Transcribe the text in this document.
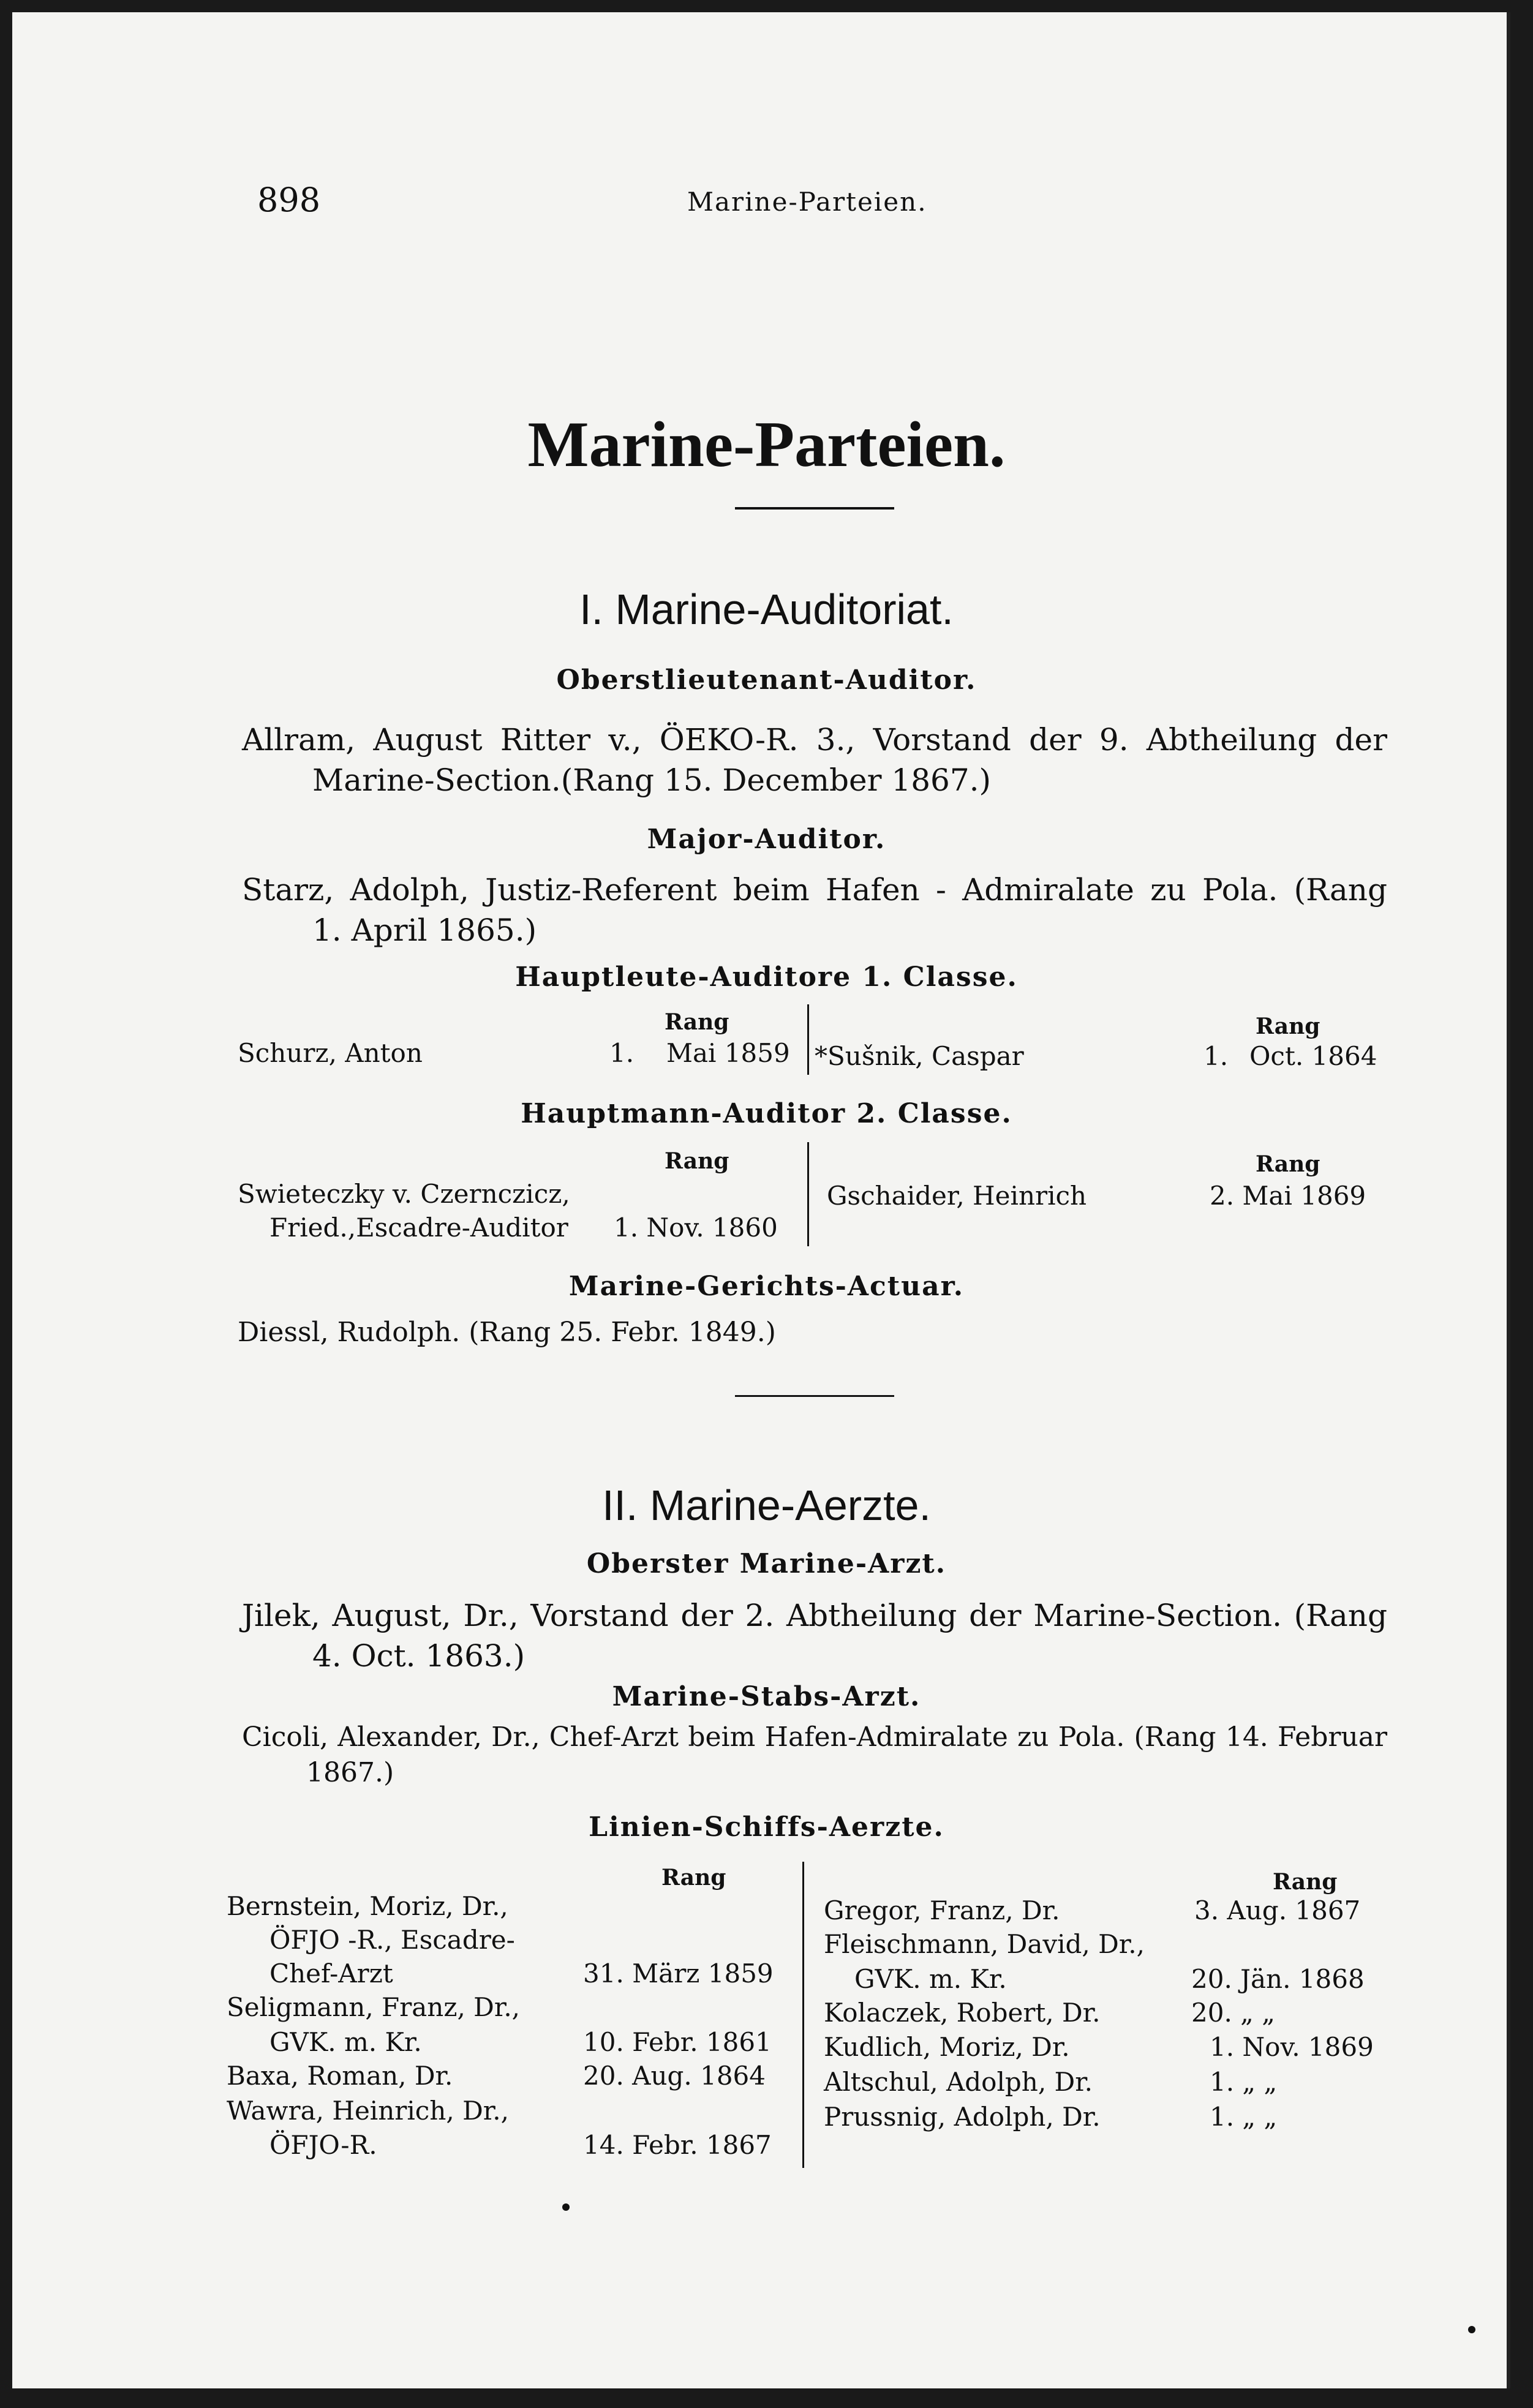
898	Marine-Parteien.
Marine-Parteien.
I. Marine-Auditoriat.
Oberstlieutenant-Auditor.
Allram, August Ritter v., ÖEKO-R. 3., Vorstand der 9. Abtheilung der
Marine-Section.(Rang 15. December 1867.)
Major-Auditor.
Starz, Adolph, Justiz-Referent beim Hafen - Admiralate zu Pola. (Rang
1. April 1865.)
Hauptleute-Auditore 1. Classe.
Rang	Rang
Schurz, Anton	1. Mai 1859 *Sušnik, Caspar	1. Oct. 1864
Hauptmann-Auditor 2. Classe.
Rang	Rang
Swieteczky v. Czernczicz,
Fried.,Escadre-Auditor 1. Nov. 1860
Gschaider, Heinrich	2. Mai 1869
Marine-Gerichts-Actuar.
Diessl, Rudolph. (Rang 25. Febr. 1849.)
II. Marine-Aerzte.
Oberster Marine-Arzt.
Jilek, August, Dr., Vorstand der 2. Abtheilung der Marine-Section. (Rang
4. Oct. 1863.)
Marine-Stabs-Arzt.
Cicoli, Alexander, Dr., Chef-Arzt beim Hafen-Admiralate zu Pola. (Rang 14. Februar
1867.)
Linien-Schiffs-Aerzte.
Rang	Rang
Bernstein, Moriz, Dr.,
ÖFJO -R., Escadre-
Chef-Arzt	31. März 1859
Seligmann, Franz, Dr.,
GVK. m. Kr.	10. Febr. 1861
Baxa, Roman, Dr.	20. Aug. 1864
Wawra, Heinrich, Dr.,
ÖFJO-R.	14. Febr. 1867
Gregor, Franz, Dr.	3. Aug. 1867
Fleischmann, David, Dr.,
GVK. m. Kr.	20. Jän. 1868
Kolaczek, Robert, Dr.	20. „ „
Kudlich, Moriz, Dr.	1. Nov. 1869
Altschul, Adolph, Dr.	1. „ „
Prussnig, Adolph, Dr.	1. „ „
